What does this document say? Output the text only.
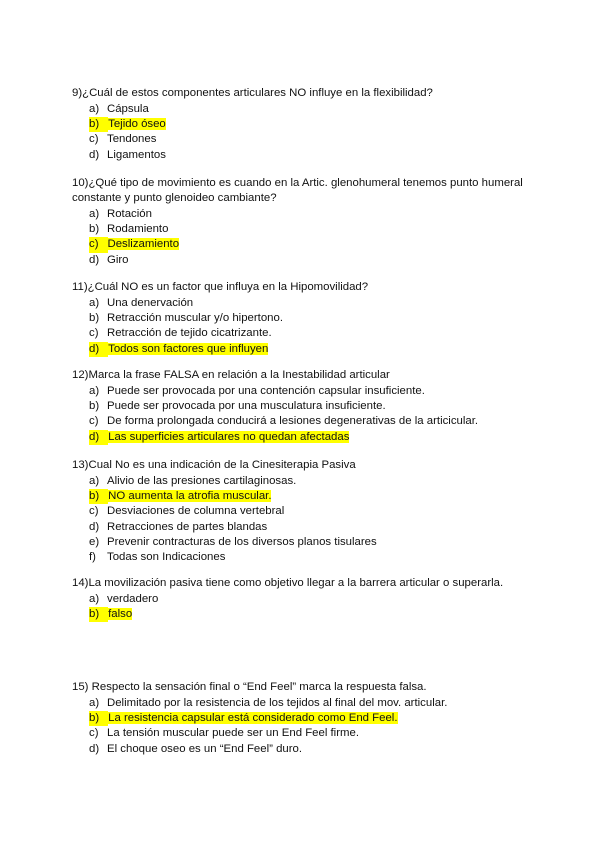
9)¿Cuál de estos componentes articulares NO influye en la flexibilidad?

a) Cápsula
b) Tejido óseo
c) Tendones
d) Ligamentos

10)¿Qué tipo de movimiento es cuando en la Artic. glenohumeral tenemos punto humeral constante y punto glenoideo cambiante?

a) Rotación
b) Rodamiento
c) Deslizamiento
d) Giro

11)¿Cuál NO es un factor que influya en la Hipomovilidad?

a) Una denervación
b) Retracción muscular y/o hipertono.
c) Retracción de tejido cicatrizante.
d) Todos son factores que influyen

12)Marca la frase FALSA en relación a la Inestabilidad articular

a) Puede ser provocada por una contención capsular insuficiente.
b) Puede ser provocada por una musculatura insuficiente.
c) De forma prolongada conducirá a lesiones degenerativas de la articicular.
d) Las superficies articulares no quedan afectadas

13)Cual No es una indicación de la Cinesiterapia Pasiva

a) Alivio de las presiones cartilaginosas.
b) NO aumenta la atrofia muscular.
c) Desviaciones de columna vertebral
d) Retracciones de partes blandas
e) Prevenir contracturas de los diversos planos tisulares
f) Todas son Indicaciones

14)La movilización pasiva tiene como objetivo llegar a la barrera articular o superarla.

a) verdadero
b) falso

15) Respecto la sensación final o “End Feel” marca la respuesta falsa.

a) Delimitado por la resistencia de los tejidos al final del mov. articular.
b) La resistencia capsular está considerado como End Feel.
c) La tensión muscular puede ser un End Feel firme.
d) El choque oseo es un “End Feel” duro.
